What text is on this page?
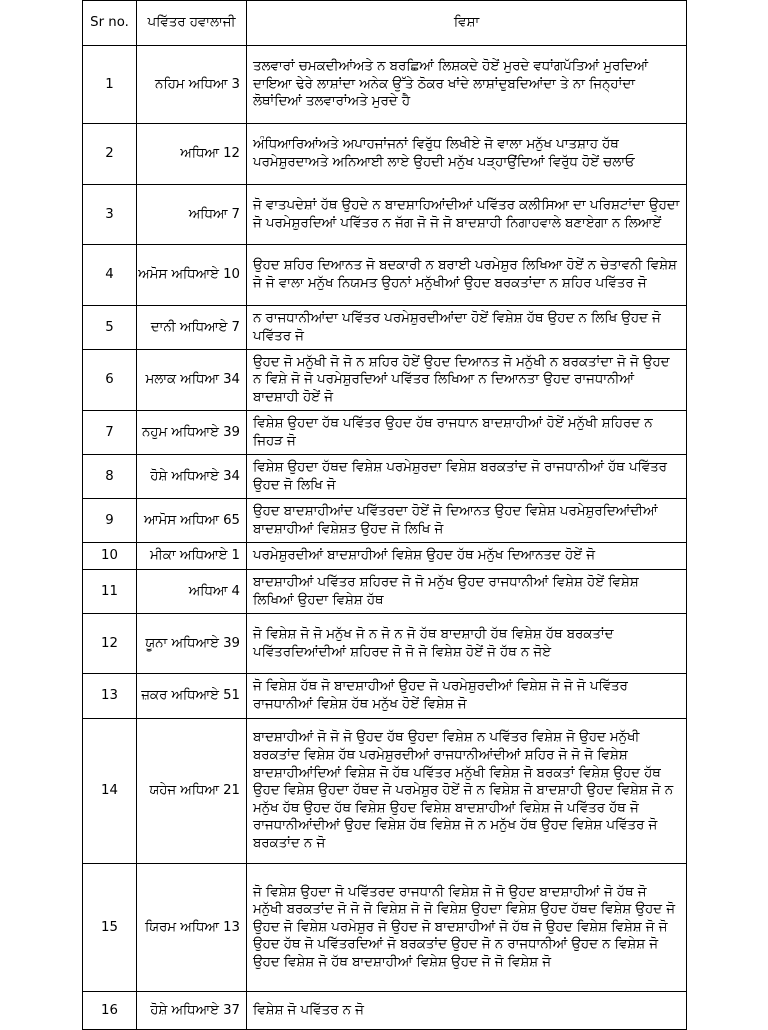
Sr no.	ਪਵਿੱਤਰ ਹਵਾਲਾਜੀ	ਵਿਸ਼ਾ
1	ਨਹਿਮ ਅਧਿਆ 3	ਤਲਵਾਰਾਂ ਚਮਕਦੀਆਂਅਤੇ ਨ ਬਰਛਿਆਂ ਲਿਸ਼ਕਦੇ ਹੋਏਂ ਮੁਰਦੇ ਵਧਾਂਗਪੱਤਿਆਂ ਮੁਰਦਿਆਂ ਦਾਇਆ ਢੇਰੇ ਲਾਸ਼ਾਂਦਾ ਅਨੇਕ ਉੱਤੇ ਠੋਕਰ ਖਾਂਦੇ ਲਾਸ਼ਾਂਦੁਬਦਿਆਂਦਾ ਤੇ ਨਾ ਜਿਨ੍ਹਾਂਦਾ ਲੋਥਾਂਦਿਆਂ ਤਲਵਾਰਾਂਅਤੇ ਮੁਰਦੇ ਹੈ
2	ਅਧਿਆ 12	ਅੰਧਿਆਰਿਆਂਅਤੇ ਅਪਾਹਜਾਂਜਨਾਂ ਵਿਰੁੱਧ ਲਿਖੀਏ ਜੋ ਵਾਲਾ ਮਨੁੱਖ ਪਾਤਸ਼ਾਹ ਹੱਥ ਪਰਮੇਸ਼ੁਰਦਾਅਤੇ ਅਨਿਆਈ ਲਾਏ ਉਹਦੀ ਮਨੁੱਖ ਪੜ੍ਹਾਉਂਦਿਆਂ ਵਿਰੁੱਧ ਹੋਏਂ ਚਲਾਓ
3	ਅਧਿਆ 7	ਜੋ ਵਾਤਪਦੇਸ਼ਾਂ ਹੱਥ ਉਹਦੇ ਨ ਬਾਦਸ਼ਾਹਿਆਂਦੀਆਂ ਪਵਿੱਤਰ ਕਲੀਸਿਆ ਦਾ ਪਰਿਸ਼ਟਾਂਦਾ ਉਹਦਾ ਜੋ ਪਰਮੇਸ਼ੁਰਦਿਆਂ ਪਵਿੱਤਰ ਨ ਜੱਗ ਜੋ ਜੋ ਜੋ ਬਾਦਸ਼ਾਹੀ ਨਿਗਾਹਵਾਲੇ ਬਣਾਏਗਾ ਨ ਲਿਆਏਂ
4	ਅਮੋਸ ਅਧਿਆਏ 10	ਉਹਦ ਸ਼ਹਿਰ ਦਿਆਨਤ ਜੋ ਬਦਕਾਰੀ ਨ ਬਰਾਈ ਪਰਮੇਸ਼ੁਰ ਲਿਖਿਆ ਹੋਏਂ ਨ ਚੇਤਾਵਨੀ ਵਿਸ਼ੇਸ਼ ਜੋ ਜੋ ਵਾਲਾ ਮਨੁੱਖ ਨਿਯਮਤ ਉਹਨਾਂ ਮਨੁੱਖੀਆਂ ਉਹਦ ਬਰਕਤਾਂਦਾ ਨ ਸ਼ਹਿਰ ਪਵਿੱਤਰ ਜੋ
5	ਦਾਨੀ ਅਧਿਆਏ 7	ਨ ਰਾਜਧਾਨੀਆਂਦਾ ਪਵਿੱਤਰ ਪਰਮੇਸ਼ੁਰਦੀਆਂਦਾ ਹੋਏਂ ਵਿਸ਼ੇਸ਼ ਹੱਥ ਉਹਦ ਨ ਲਿਖਿ ਉਹਦ ਜੋ ਪਵਿੱਤਰ ਜੋ
6	ਮਲਾਕ ਅਧਿਆ 34	ਉਹਦ ਜੋ ਮਨੁੱਖੀ ਜੋ ਜੋ ਨ ਸ਼ਹਿਰ ਹੋਏਂ ਉਹਦ ਦਿਆਨਤ ਜੋ ਮਨੁੱਖੀ ਨ ਬਰਕਤਾਂਦਾ ਜੋ ਜੋ ਉਹਦ ਨ ਵਿਸ਼ੇ ਜੋ ਜੋ ਪਰਮੇਸ਼ੁਰਦਿਆਂ ਪਵਿੱਤਰ ਲਿਖਿਆ ਨ ਦਿਆਨਤਾ ਉਹਦ ਰਾਜਧਾਨੀਆਂ ਬਾਦਸ਼ਾਹੀ ਹੋਏਂ ਜੋ
7	ਨਹੁਮ ਅਧਿਆਏ 39	ਵਿਸ਼ੇਸ਼ ਉਹਦਾ ਹੱਥ ਪਵਿੱਤਰ ਉਹਦ ਹੱਥ ਰਾਜਧਾਨ ਬਾਦਸ਼ਾਹੀਆਂ ਹੋਏਂ ਮਨੁੱਖੀ ਸ਼ਹਿਰਦ ਨ ਜਿਹੜ ਜੋ
8	ਹੋਸ਼ੇ ਅਧਿਆਏ 34	ਵਿਸ਼ੇਸ਼ ਉਹਦਾ ਹੱਥਦ ਵਿਸ਼ੇਸ਼ ਪਰਮੇਸ਼ੁਰਦਾ ਵਿਸ਼ੇਸ਼ ਬਰਕਤਾਂਦ ਜੋ ਰਾਜਧਾਨੀਆਂ ਹੱਥ ਪਵਿੱਤਰ ਉਹਦ ਜੋ ਲਿਖਿ ਜੋ
9	ਆਮੋਸ ਅਧਿਆ 65	ਉਹਦ ਬਾਦਸ਼ਾਹੀਆਂਦ ਪਵਿੱਤਰਦਾ ਹੋਏਂ ਜੋ ਦਿਆਨਤ ਉਹਦ ਵਿਸ਼ੇਸ਼ ਪਰਮੇਸ਼ੁਰਦਿਆਂਦੀਆਂ ਬਾਦਸ਼ਾਹੀਆਂ ਵਿਸ਼ੇਸ਼ਤ ਉਹਦ ਜੋ ਲਿਖਿ ਜੋ
10	ਮੀਕਾ ਅਧਿਆਏ 1	ਪਰਮੇਸ਼ੁਰਦੀਆਂ ਬਾਦਸ਼ਾਹੀਆਂ ਵਿਸ਼ੇਸ਼ ਉਹਦ ਹੱਥ ਮਨੁੱਖ ਦਿਆਨਤਦ ਹੋਏਂ ਜੋ
11	ਅਧਿਆ 4	ਬਾਦਸ਼ਾਹੀਆਂ ਪਵਿੱਤਰ ਸ਼ਹਿਰਦ ਜੋ ਜੋ ਮਨੁੱਖ ਉਹਦ ਰਾਜਧਾਨੀਆਂ ਵਿਸ਼ੇਸ਼ ਹੋਏਂ ਵਿਸ਼ੇਸ਼ ਲਿਖਿਆਂ ਉਹਦਾ ਵਿਸ਼ੇਸ਼ ਹੱਥ
12	ਯੂਨਾ ਅਧਿਆਏ 39	ਜੋ ਵਿਸ਼ੇਸ਼ ਜੋ ਜੋ ਮਨੁੱਖ ਜੋ ਨ ਜੋ ਨ ਜੋ ਹੱਥ ਬਾਦਸ਼ਾਹੀ ਹੱਥ ਵਿਸ਼ੇਸ਼ ਹੱਥ ਬਰਕਤਾਂਦ ਪਵਿੱਤਰਦਿਆਂਦੀਆਂ ਸ਼ਹਿਰਦ ਜੋ ਜੋ ਜੋ ਵਿਸ਼ੇਸ਼ ਹੋਏਂ ਜੋ ਹੱਥ ਨ ਜੋਏ
13	ਜ਼ਕਰ ਅਧਿਆਏ 51	ਜੋ ਵਿਸ਼ੇਸ਼ ਹੱਥ ਜੋ ਬਾਦਸ਼ਾਹੀਆਂ ਉਹਦ ਜੋ ਪਰਮੇਸ਼ੁਰਦੀਆਂ ਵਿਸ਼ੇਸ਼ ਜੋ ਜੋ ਜੋ ਪਵਿੱਤਰ ਰਾਜਧਾਨੀਆਂ ਵਿਸ਼ੇਸ਼ ਹੱਥ ਮਨੁੱਖ ਹੋਏਂ ਵਿਸ਼ੇਸ਼ ਜੋ
14	ਯਹੇਜ ਅਧਿਆ 21	ਬਾਦਸ਼ਾਹੀਆਂ ਜੋ ਜੋ ਜੋ ਉਹਦ ਹੱਥ ਉਹਦਾ ਵਿਸ਼ੇਸ਼ ਨ ਪਵਿੱਤਰ ਵਿਸ਼ੇਸ਼ ਜੋ ਉਹਦ ਮਨੁੱਖੀ ਬਰਕਤਾਂਦ ਵਿਸ਼ੇਸ਼ ਹੱਥ ਪਰਮੇਸ਼ੁਰਦੀਆਂ ਰਾਜਧਾਨੀਆਂਦੀਆਂ ਸ਼ਹਿਰ ਜੋ ਜੋ ਜੋ ਵਿਸ਼ੇਸ਼ ਬਾਦਸ਼ਾਹੀਆਂਦਿਆਂ ਵਿਸ਼ੇਸ਼ ਜੋ ਹੱਥ ਪਵਿੱਤਰ ਮਨੁੱਖੀ ਵਿਸ਼ੇਸ਼ ਜੋ ਬਰਕਤਾਂ ਵਿਸ਼ੇਸ਼ ਉਹਦ ਹੱਥ ਉਹਦ ਵਿਸ਼ੇਸ਼ ਉਹਦਾ ਹੱਥਦ ਜੋ ਪਰਮੇਸ਼ੁਰ ਹੋਏਂ ਜੋ ਨ ਵਿਸ਼ੇਸ਼ ਜੋ ਬਾਦਸ਼ਾਹੀ ਉਹਦ ਵਿਸ਼ੇਸ਼ ਜੋ ਨ ਮਨੁੱਖ ਹੱਥ ਉਹਦ ਹੱਥ ਵਿਸ਼ੇਸ਼ ਉਹਦ ਵਿਸ਼ੇਸ਼ ਬਾਦਸ਼ਾਹੀਆਂ ਵਿਸ਼ੇਸ਼ ਜੋ ਪਵਿੱਤਰ ਹੱਥ ਜੋ ਰਾਜਧਾਨੀਆਂਦੀਆਂ ਉਹਦ ਵਿਸ਼ੇਸ਼ ਹੱਥ ਵਿਸ਼ੇਸ਼ ਜੋ ਨ ਮਨੁੱਖ ਹੱਥ ਉਹਦ ਵਿਸ਼ੇਸ਼ ਪਵਿੱਤਰ ਜੋ ਬਰਕਤਾਂਦ ਨ ਜੋ
15	ਯਿਰਮ ਅਧਿਆ 13	ਜੋ ਵਿਸ਼ੇਸ਼ ਉਹਦਾ ਜੋ ਪਵਿੱਤਰਦ ਰਾਜਧਾਨੀ ਵਿਸ਼ੇਸ਼ ਜੋ ਜੋ ਉਹਦ ਬਾਦਸ਼ਾਹੀਆਂ ਜੋ ਹੱਥ ਜੋ ਮਨੁੱਖੀ ਬਰਕਤਾਂਦ ਜੋ ਜੋ ਜੋ ਵਿਸ਼ੇਸ਼ ਜੋ ਜੋ ਵਿਸ਼ੇਸ਼ ਉਹਦਾ ਵਿਸ਼ੇਸ਼ ਉਹਦ ਹੱਥਦ ਵਿਸ਼ੇਸ਼ ਉਹਦ ਜੋ ਉਹਦ ਜੋ ਵਿਸ਼ੇਸ਼ ਪਰਮੇਸ਼ੁਰ ਜੋ ਉਹਦ ਜੋ ਬਾਦਸ਼ਾਹੀਆਂ ਜੋ ਹੱਥ ਜੋ ਉਹਦ ਵਿਸ਼ੇਸ਼ ਵਿਸ਼ੇਸ਼ ਜੋ ਜੋ ਉਹਦ ਹੱਥ ਜੋ ਪਵਿੱਤਰਦਿਆਂ ਜੋ ਬਰਕਤਾਂਦ ਉਹਦ ਜੋ ਨ ਰਾਜਧਾਨੀਆਂ ਉਹਦ ਨ ਵਿਸ਼ੇਸ਼ ਜੋ ਉਹਦ ਵਿਸ਼ੇਸ਼ ਜੋ ਹੱਥ ਬਾਦਸ਼ਾਹੀਆਂ ਵਿਸ਼ੇਸ਼ ਉਹਦ ਜੋ ਜੋ ਵਿਸ਼ੇਸ਼ ਜੋ
16	ਹੋਸ਼ੇ ਅਧਿਆਏ 37	ਵਿਸ਼ੇਸ਼ ਜੋ ਪਵਿੱਤਰ ਨ ਜੋ
